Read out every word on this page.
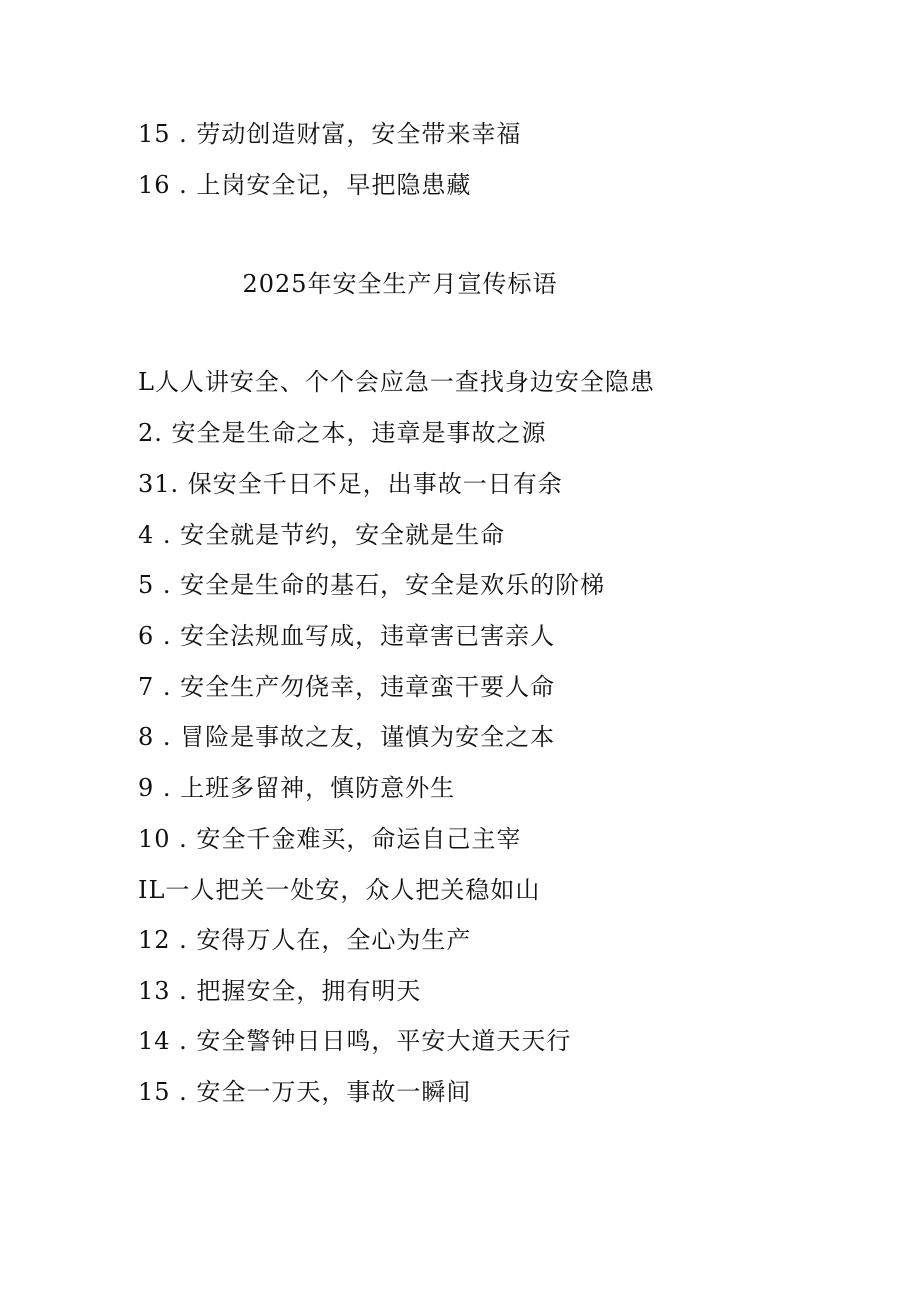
15 . 劳动创造财富，安全带来幸福
16 . 上岗安全记，早把隐患藏
2025年安全生产月宣传标语
L人人讲安全、个个会应急一查找身边安全隐患
2. 安全是生命之本，违章是事故之源
31. 保安全千日不足，出事故一日有余
4 . 安全就是节约，安全就是生命
5 . 安全是生命的基石，安全是欢乐的阶梯
6 . 安全法规血写成，违章害已害亲人
7 . 安全生产勿侥幸，违章蛮干要人命
8 . 冒险是事故之友，谨慎为安全之本
9 . 上班多留神，慎防意外生
10 . 安全千金难买，命运自己主宰
IL一人把关一处安，众人把关稳如山
12 . 安得万人在，全心为生产
13 . 把握安全，拥有明天
14 . 安全警钟日日鸣，平安大道天天行
15 . 安全一万天，事故一瞬间
